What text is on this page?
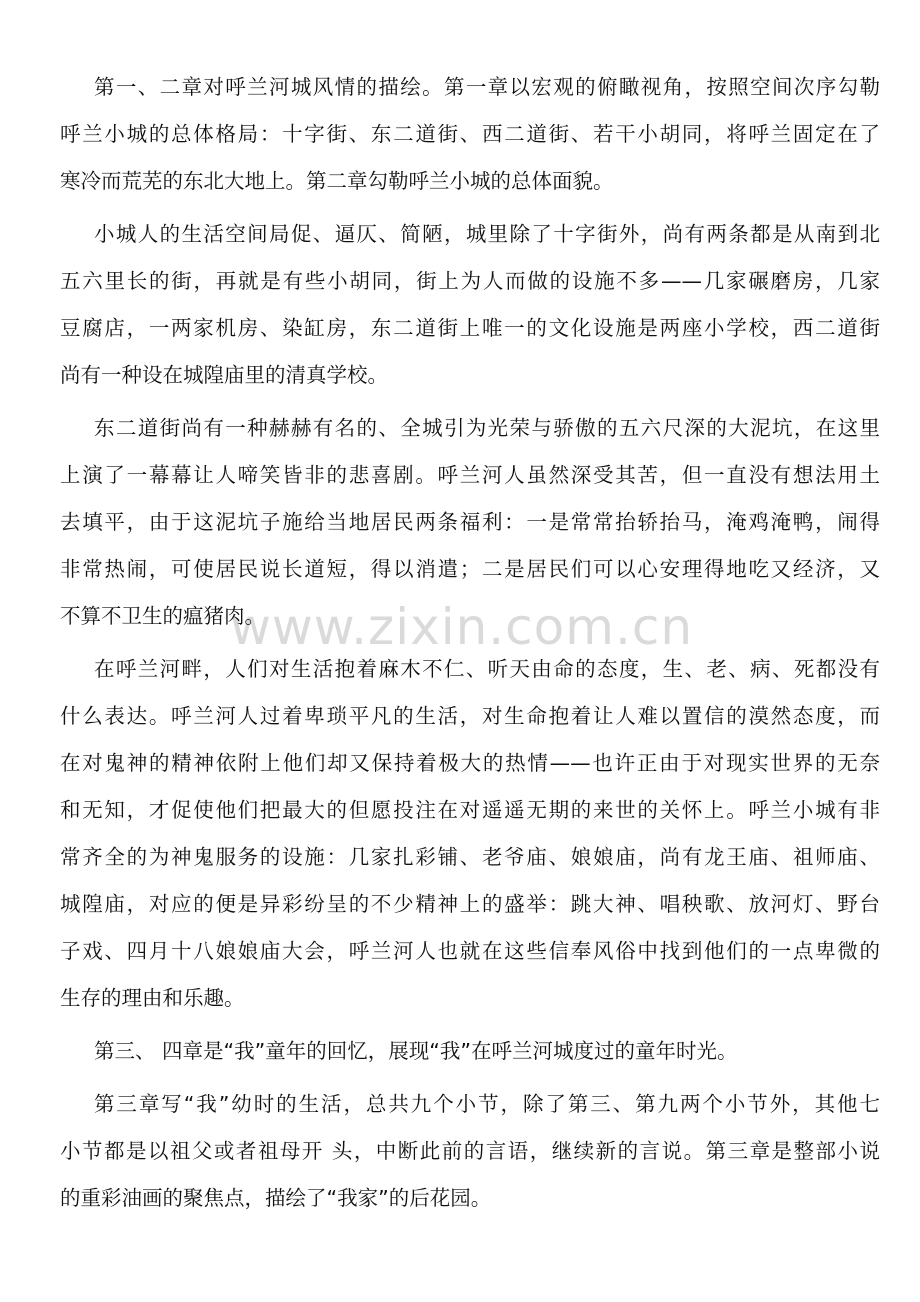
www.zixin.com.cn
第一、二章对呼兰河城风情的描绘。第一章以宏观的俯瞰视角，按照空间次序勾勒
呼兰小城的总体格局：十字街、东二道街、西二道街、若干小胡同，将呼兰固定在了
寒冷而荒芜的东北大地上。第二章勾勒呼兰小城的总体面貌。
小城人的生活空间局促、逼仄、简陋，城里除了十字街外，尚有两条都是从南到北
五六里长的街，再就是有些小胡同，街上为人而做的设施不多——几家碾磨房，几家
豆腐店，一两家机房、染缸房，东二道街上唯一的文化设施是两座小学校，西二道街
尚有一种设在城隍庙里的清真学校。
东二道街尚有一种赫赫有名的、全城引为光荣与骄傲的五六尺深的大泥坑，在这里
上演了一幕幕让人啼笑皆非的悲喜剧。呼兰河人虽然深受其苦，但一直没有想法用土
去填平，由于这泥坑子施给当地居民两条福利：一是常常抬轿抬马，淹鸡淹鸭，闹得
非常热闹，可使居民说长道短，得以消遣；二是居民们可以心安理得地吃又经济，又
不算不卫生的瘟猪肉。
在呼兰河畔，人们对生活抱着麻木不仁、听天由命的态度，生、老、病、死都没有
什么表达。呼兰河人过着卑琐平凡的生活，对生命抱着让人难以置信的漠然态度，而
在对鬼神的精神依附上他们却又保持着极大的热情——也许正由于对现实世界的无奈
和无知，才促使他们把最大的但愿投注在对遥遥无期的来世的关怀上。呼兰小城有非
常齐全的为神鬼服务的设施：几家扎彩铺、老爷庙、娘娘庙，尚有龙王庙、祖师庙、
城隍庙，对应的便是异彩纷呈的不少精神上的盛举：跳大神、唱秧歌、放河灯、野台
子戏、四月十八娘娘庙大会，呼兰河人也就在这些信奉风俗中找到他们的一点卑微的
生存的理由和乐趣。
第三、 四章是“我”童年的回忆，展现“我”在呼兰河城度过的童年时光。
第三章写“我”幼时的生活，总共九个小节，除了第三、第九两个小节外，其他七
小节都是以祖父或者祖母开 头，中断此前的言语，继续新的言说。第三章是整部小说
的重彩油画的聚焦点，描绘了“我家”的后花园。
